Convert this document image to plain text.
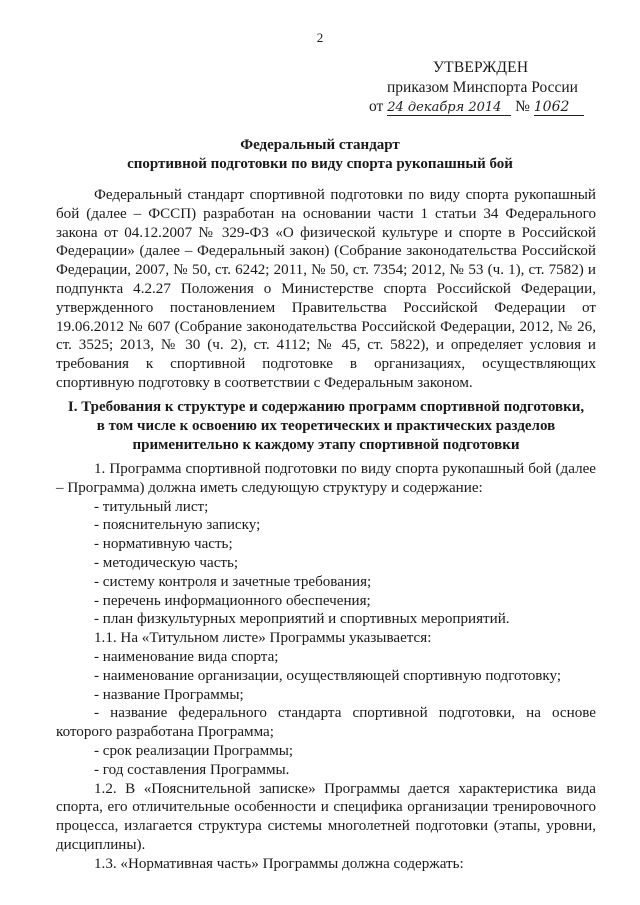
2
УТВЕРЖДЕН
приказом Минспорта России
от 24 декабря 2014 № 1062
Федеральный стандарт
спортивной подготовки по виду спорта рукопашный бой

Федеральный стандарт спортивной подготовки по виду спорта рукопашный бой (далее – ФССП) разработан на основании части 1 статьи 34 Федерального закона от 04.12.2007 № 329-ФЗ «О физической культуре и спорте в Российской Федерации» (далее – Федеральный закон) (Собрание законодательства Российской Федерации, 2007, № 50, ст. 6242; 2011, № 50, ст. 7354; 2012, № 53 (ч. 1), ст. 7582) и подпункта 4.2.27 Положения о Министерстве спорта Российской Федерации, утвержденного постановлением Правительства Российской Федерации от 19.06.2012 № 607 (Собрание законодательства Российской Федерации, 2012, № 26, ст. 3525; 2013, № 30 (ч. 2), ст. 4112; № 45, ст. 5822), и определяет условия и требования к спортивной подготовке в организациях, осуществляющих спортивную подготовку в соответствии с Федеральным законом.

I. Требования к структуре и содержанию программ спортивной подготовки,
в том числе к освоению их теоретических и практических разделов
применительно к каждому этапу спортивной подготовки

1. Программа спортивной подготовки по виду спорта рукопашный бой (далее – Программа) должна иметь следующую структуру и содержание:

- титульный лист;
- пояснительную записку;
- нормативную часть;
- методическую часть;
- систему контроля и зачетные требования;
- перечень информационного обеспечения;
- план физкультурных мероприятий и спортивных мероприятий.

1.1. На «Титульном листе» Программы указывается:

- наименование вида спорта;
- наименование организации, осуществляющей спортивную подготовку;
- название Программы;

- название федерального стандарта спортивной подготовки, на основе которого разработана Программа;

- срок реализации Программы;
- год составления Программы.

1.2. В «Пояснительной записке» Программы дается характеристика вида спорта, его отличительные особенности и специфика организации тренировочного процесса, излагается структура системы многолетней подготовки (этапы, уровни, дисциплины).

1.3. «Нормативная часть» Программы должна содержать:
